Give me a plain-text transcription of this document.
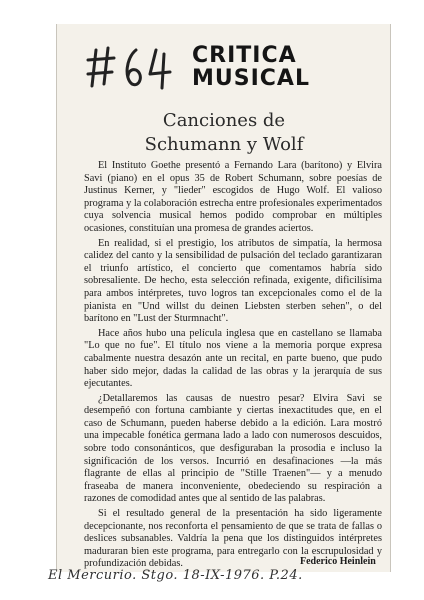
CRITICA
MUSICAL
Canciones de
Schumann y Wolf

El Instituto Goethe presentó a Fernando Lara (barítono) y Elvira Savi (piano) en el opus 35 de Robert Schumann, sobre poesías de Justinus Kerner, y "lieder" escogidos de Hugo Wolf. El valioso programa y la colaboración estrecha entre profesionales experimentados cuya solvencia musical hemos podido comprobar en múltiples ocasiones, constituían una promesa de grandes aciertos.

En realidad, si el prestigio, los atributos de simpatía, la hermosa calidez del canto y la sensibilidad de pulsación del teclado garantizaran el triunfo artístico, el concierto que comentamos habría sido sobresaliente. De hecho, esta selección refinada, exigente, dificilísima para ambos intérpretes, tuvo logros tan excepcionales como el de la pianista en "Und willst du deinen Liebsten sterben sehen", o del barítono en "Lust der Sturmnacht".

Hace años hubo una película inglesa que en castellano se llamaba "Lo que no fue". El título nos viene a la memoria porque expresa cabalmente nuestra desazón ante un recital, en parte bueno, que pudo haber sido mejor, dadas la calidad de las obras y la jerarquía de sus ejecutantes.

¿Detallaremos las causas de nuestro pesar? Elvira Savi se desempeñó con fortuna cambiante y ciertas inexactitudes que, en el caso de Schumann, pueden haberse debido a la edición. Lara mostró una impecable fonética germana lado a lado con numerosos descuidos, sobre todo consonánticos, que desfiguraban la prosodia e incluso la significación de los versos. Incurrió en desafinaciones —la más flagrante de ellas al principio de "Stille Traenen"— y a menudo fraseaba de manera inconveniente, obedeciendo su respiración a razones de comodidad antes que al sentido de las palabras.

Si el resultado general de la presentación ha sido ligeramente decepcionante, nos reconforta el pensamiento de que se trata de fallas o deslices subsanables. Valdría la pena que los distinguidos intérpretes maduraran bien este programa, para entregarlo con la escrupulosidad y profundización debidas.	Federico Heinlein
El Mercurio. Stgo. 18-IX-1976. P.24.
